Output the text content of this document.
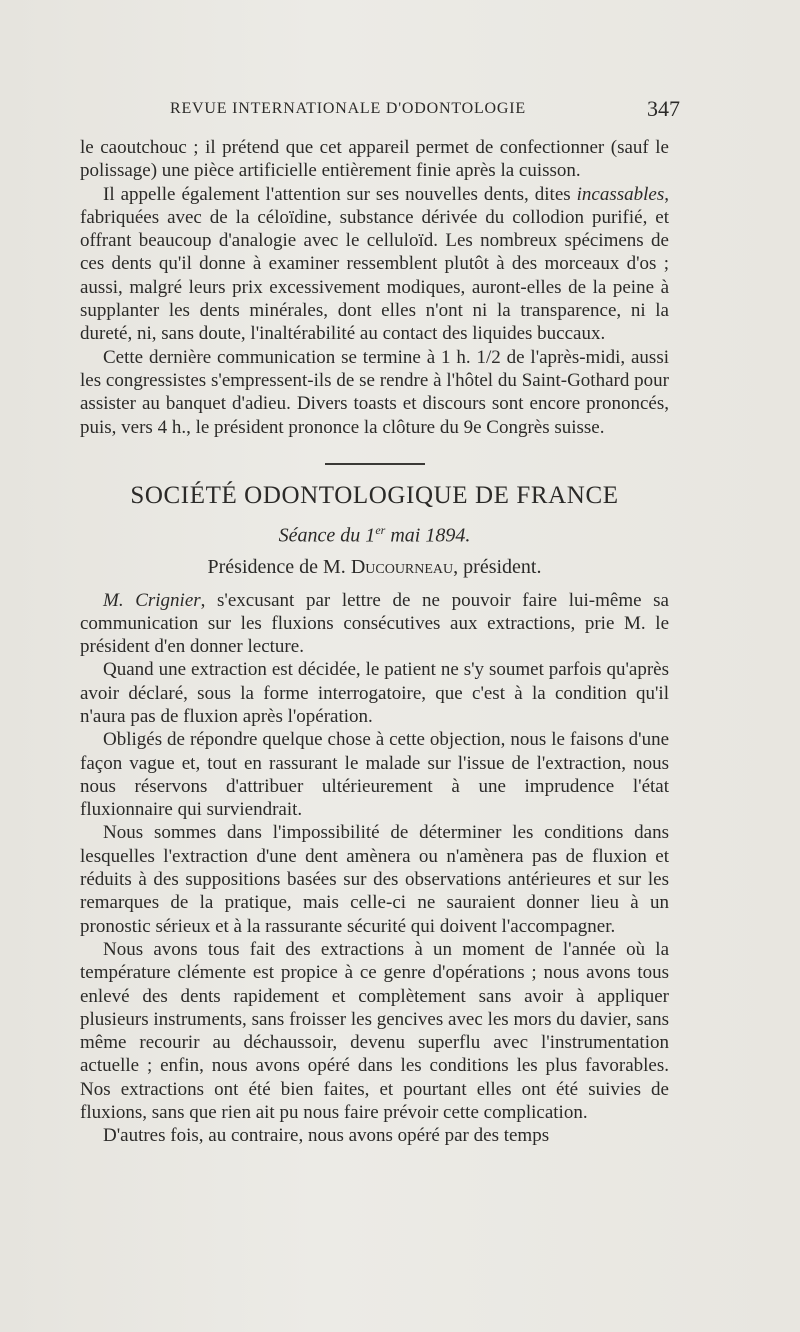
REVUE INTERNATIONALE D'ODONTOLOGIE	347

le caoutchouc ; il prétend que cet appareil permet de confectionner (sauf le polissage) une pièce artificielle entièrement finie après la cuisson.

Il appelle également l'attention sur ses nouvelles dents, dites incassables, fabriquées avec de la céloïdine, substance dérivée du collodion purifié, et offrant beaucoup d'analogie avec le celluloïd. Les nombreux spécimens de ces dents qu'il donne à examiner ressemblent plutôt à des morceaux d'os ; aussi, malgré leurs prix excessivement modiques, auront-elles de la peine à supplanter les dents minérales, dont elles n'ont ni la transparence, ni la dureté, ni, sans doute, l'inaltérabilité au contact des liquides buccaux.

Cette dernière communication se termine à 1 h. 1/2 de l'après-midi, aussi les congressistes s'empressent-ils de se rendre à l'hôtel du Saint-Gothard pour assister au banquet d'adieu. Divers toasts et discours sont encore prononcés, puis, vers 4 h., le président prononce la clôture du 9e Congrès suisse.

SOCIÉTÉ ODONTOLOGIQUE DE FRANCE
Séance du 1er mai 1894.
Présidence de M. Ducourneau, président.

M. Crignier, s'excusant par lettre de ne pouvoir faire lui-même sa communication sur les fluxions consécutives aux extractions, prie M. le président d'en donner lecture.

Quand une extraction est décidée, le patient ne s'y soumet parfois qu'après avoir déclaré, sous la forme interrogatoire, que c'est à la condition qu'il n'aura pas de fluxion après l'opération.

Obligés de répondre quelque chose à cette objection, nous le faisons d'une façon vague et, tout en rassurant le malade sur l'issue de l'extraction, nous nous réservons d'attribuer ultérieurement à une imprudence l'état fluxionnaire qui surviendrait.

Nous sommes dans l'impossibilité de déterminer les conditions dans lesquelles l'extraction d'une dent amènera ou n'amènera pas de fluxion et réduits à des suppositions basées sur des observations antérieures et sur les remarques de la pratique, mais celle-ci ne sauraient donner lieu à un pronostic sérieux et à la rassurante sécurité qui doivent l'accompagner.

Nous avons tous fait des extractions à un moment de l'année où la température clémente est propice à ce genre d'opérations ; nous avons tous enlevé des dents rapidement et complètement sans avoir à appliquer plusieurs instruments, sans froisser les gencives avec les mors du davier, sans même recourir au déchaussoir, devenu superflu avec l'instrumentation actuelle ; enfin, nous avons opéré dans les conditions les plus favorables. Nos extractions ont été bien faites, et pourtant elles ont été suivies de fluxions, sans que rien ait pu nous faire prévoir cette complication.

D'autres fois, au contraire, nous avons opéré par des temps
